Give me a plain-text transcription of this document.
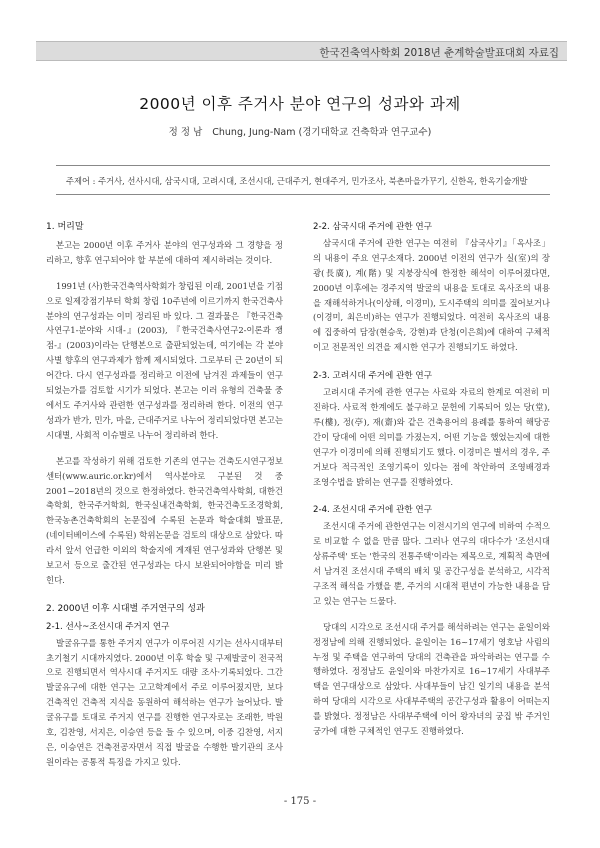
한국건축역사학회 2018년 춘계학술발표대회 자료집
2000년 이후 주거사 분야 연구의 성과와 과제
정 정 남 Chung, Jung-Nam (경기대학교 건축학과 연구교수)
주제어 : 주거사, 선사시대, 삼국시대, 고려시대, 조선시대, 근대주거, 현대주거, 민가조사, 북촌마을가꾸기, 신한옥, 한옥기술개발
1. 머리말
본고는 2000년 이후 주거사 분야의 연구성과와 그 경향을 정리하고, 향후 연구되어야 할 부분에 대하여 제시하려는 것이다.
1991년 (사)한국건축역사학회가 창립된 이래, 2001년을 기점으로 일제강점기부터 학회 창립 10주년에 이르기까지 한국건축사 분야의 연구성과는 이미 정리된 바 있다. 그 결과물은 『한국건축사연구1-분야와 시대-』(2003), 『한국건축사연구2-이론과 쟁점-』(2003)이라는 단행본으로 출판되었는데, 여기에는 각 분야사별 향후의 연구과제가 함께 제시되었다. 그로부터 근 20년이 되어간다. 다시 연구성과를 정리하고 이전에 남겨진 과제들이 연구되었는가를 검토할 시기가 되었다. 본고는 이러 유형의 건축물 중에서도 주거사와 관련한 연구성과를 정리하려 한다. 이전의 연구성과가 반가, 민가, 마을, 근대주거로 나누어 정리되었다면 본고는 시대별, 사회적 이슈별로 나누어 정리하려 한다.
본고를 작성하기 위해 검토한 기존의 연구는 건축도시연구정보센터(www.auric.or.kr)에서 역사분야로 구분된 것 중 2001~2018년의 것으로 한정하였다. 한국건축역사학회, 대한건축학회, 한국주거학회, 한국실내건축학회, 한국건축도조경학회, 한국농촌건축학회의 논문집에 수록된 논문과 학술대회 발표문, (네이터베이스에 수록된) 학위논문을 검토의 대상으로 삼았다. 따라서 앞서 언급한 이외의 학술지에 게재된 연구성과와 단행본 및 보고서 등으로 출간된 연구성과는 다시 보완되어야함을 미리 밝힌다.
2. 2000년 이후 시대별 주거연구의 성과
2-1. 선사~조선시대 주거지 연구
발굴유구를 통한 주거지 연구가 이루어진 시기는 선사시대부터 초기철기 시대까지였다. 2000년 이후 학술 및 구제발굴이 전국적으로 진행되면서 역사시대 주거지도 대량 조사·기록되었다. 그간 발굴유구에 대한 연구는 고고학계에서 주로 이루어졌지만, 보다 건축적인 건축적 지식을 동원하여 해석하는 연구가 늘어났다. 발굴유구를 토대로 주거지 연구를 진행한 연구자로는 조래한, 박원호, 김찬영, 서지은, 이승연 등을 들 수 있으며, 이중 김찬영, 서지은, 이승연은 건축전공자면서 직접 발굴을 수행한 발기관의 조사원이라는 공통적 특징을 가지고 있다.
2-2. 삼국시대 주거에 관한 연구
삼국시대 주거에 관한 연구는 여전히 『삼국사기』「옥사조」의 내용이 주요 연구소재다. 2000년 이전의 연구가 실(室)의 장광(長廣), 계(階) 및 지붕장식에 한정한 해석이 이루어졌다면, 2000년 이후에는 경주지역 발굴의 내용을 토대로 옥사조의 내용을 재해석하거나(이상해, 이경미), 도시주택의 의미를 짚어보거나(이경미, 최은비)하는 연구가 진행되었다. 여전히 옥사조의 내용에 집중하여 담장(현승욱, 강현)과 단청(이은희)에 대하여 구체적이고 전문적인 의견을 제시한 연구가 진행되기도 하였다.
2-3. 고려시대 주거에 관한 연구
고려시대 주거에 관한 연구는 사료와 자료의 한계로 여전히 미진하다. 사료적 한계에도 불구하고 문헌에 기록되어 있는 당(堂), 루(樓), 정(亭), 재(齋)와 같은 건축용어의 용례를 통하여 해당공간이 당대에 어떤 의미를 가졌는지, 어떤 기능을 했었는지에 대한 연구가 이경미에 의해 진행되기도 했다. 이경미은 별서의 경우, 주거보다 적극적인 조영기록이 있다는 점에 착안하여 조영배경과 조영수법을 밝히는 연구를 진행하였다.
2-4. 조선시대 주거에 관한 연구
조선시대 주거에 관한연구는 이전시기의 연구에 비하여 수적으로 비교할 수 없을 만큼 많다. 그러나 연구의 대다수가 '조선시대 상류주택' 또는 '한국의 전통주택'이라는 제목으로, 계획적 측면에서 남겨진 조선시대 주택의 배치 및 공간구성을 분석하고, 시각적 구조적 해석을 가했을 뿐, 주거의 시대적 편년이 가능한 내용을 담고 있는 연구는 드물다.
당대의 시각으로 조선시대 주거를 해석하려는 연구는 윤일이와 정정남에 의해 진행되었다. 윤일이는 16~17세기 영호남 사림의 누정 및 주택을 연구하여 당대의 건축관을 파악하려는 연구를 수행하였다. 정정남도 윤일이와 마찬가지로 16~17세기 사대부주택을 연구대상으로 삼았다. 사대부들이 남긴 일기의 내용을 분석하여 당대의 시각으로 사대부주택의 공간구성과 활용이 어떠는지를 밝혔다. 정정남은 사대부주택에 이어 왕자녀의 궁집 밖 주거인 궁가에 대한 구체적인 연구도 진행하였다.
- 175 -
